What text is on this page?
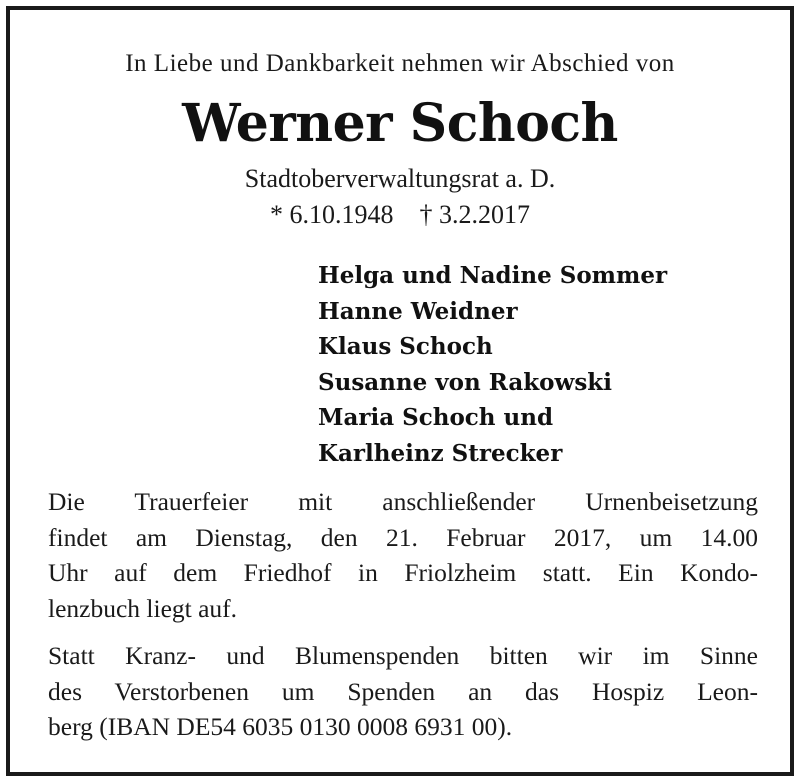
In Liebe und Dankbarkeit nehmen wir Abschied von
Werner Schoch
Stadtoberverwaltungsrat a. D.
* 6.10.1948 † 3.2.2017
Helga und Nadine Sommer
Hanne Weidner
Klaus Schoch
Susanne von Rakowski
Maria Schoch und
Karlheinz Strecker
Die Trauerfeier mit anschließender Urnenbeisetzung
findet am Dienstag, den 21. Februar 2017, um 14.00
Uhr auf dem Friedhof in Friolzheim statt. Ein Kondo-
lenzbuch liegt auf.
Statt Kranz- und Blumenspenden bitten wir im Sinne
des Verstorbenen um Spenden an das Hospiz Leon-
berg (IBAN DE54 6035 0130 0008 6931 00).
